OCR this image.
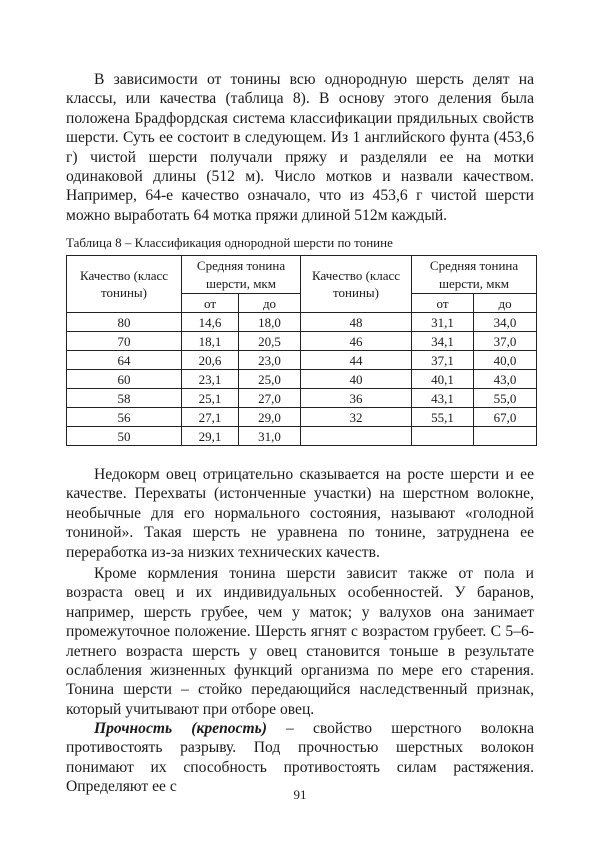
В зависимости от тонины всю однородную шерсть делят на классы, или качества (таблица 8). В основу этого деления была положена Брадфордская система классификации прядильных свойств шерсти. Суть ее состоит в следующем. Из 1 английского фунта (453,6 г) чистой шерсти получали пряжу и разделяли ее на мотки одинаковой длины (512 м). Число мотков и назвали качеством. Например, 64-е качество означало, что из 453,6 г чистой шерсти можно выработать 64 мотка пряжи длиной 512м каждый.

Таблица 8 – Классификация однородной шерсти по тонине

Качество (класс тонины)	Средняя тонина шерсти, мкм		Качество (класс тонины)	Средняя тонина шерсти, мкм	
	от	до		от	до
80	14,6	18,0	48	31,1	34,0
70	18,1	20,5	46	34,1	37,0
64	20,6	23,0	44	37,1	40,0
60	23,1	25,0	40	40,1	43,0
58	25,1	27,0	36	43,1	55,0
56	27,1	29,0	32	55,1	67,0
50	29,1	31,0			

Недокорм овец отрицательно сказывается на росте шерсти и ее качестве. Перехваты (истонченные участки) на шерстном волокне, необычные для его нормального состояния, называют «голодной тониной». Такая шерсть не уравнена по тонине, затруднена ее переработка из-за низких технических качеств.

Кроме кормления тонина шерсти зависит также от пола и возраста овец и их индивидуальных особенностей. У баранов, например, шерсть грубее, чем у маток; у валухов она занимает промежуточное положение. Шерсть ягнят с возрастом грубеет. С 5–6-летнего возраста шерсть у овец становится тоньше в результате ослабления жизненных функций организма по мере его старения. Тонина шерсти – стойко передающийся наследственный признак, который учитывают при отборе овец.

Прочность (крепость) – свойство шерстного волокна противостоять разрыву. Под прочностью шерстных волокон понимают их способность противостоять силам растяжения. Определяют ее с	91
